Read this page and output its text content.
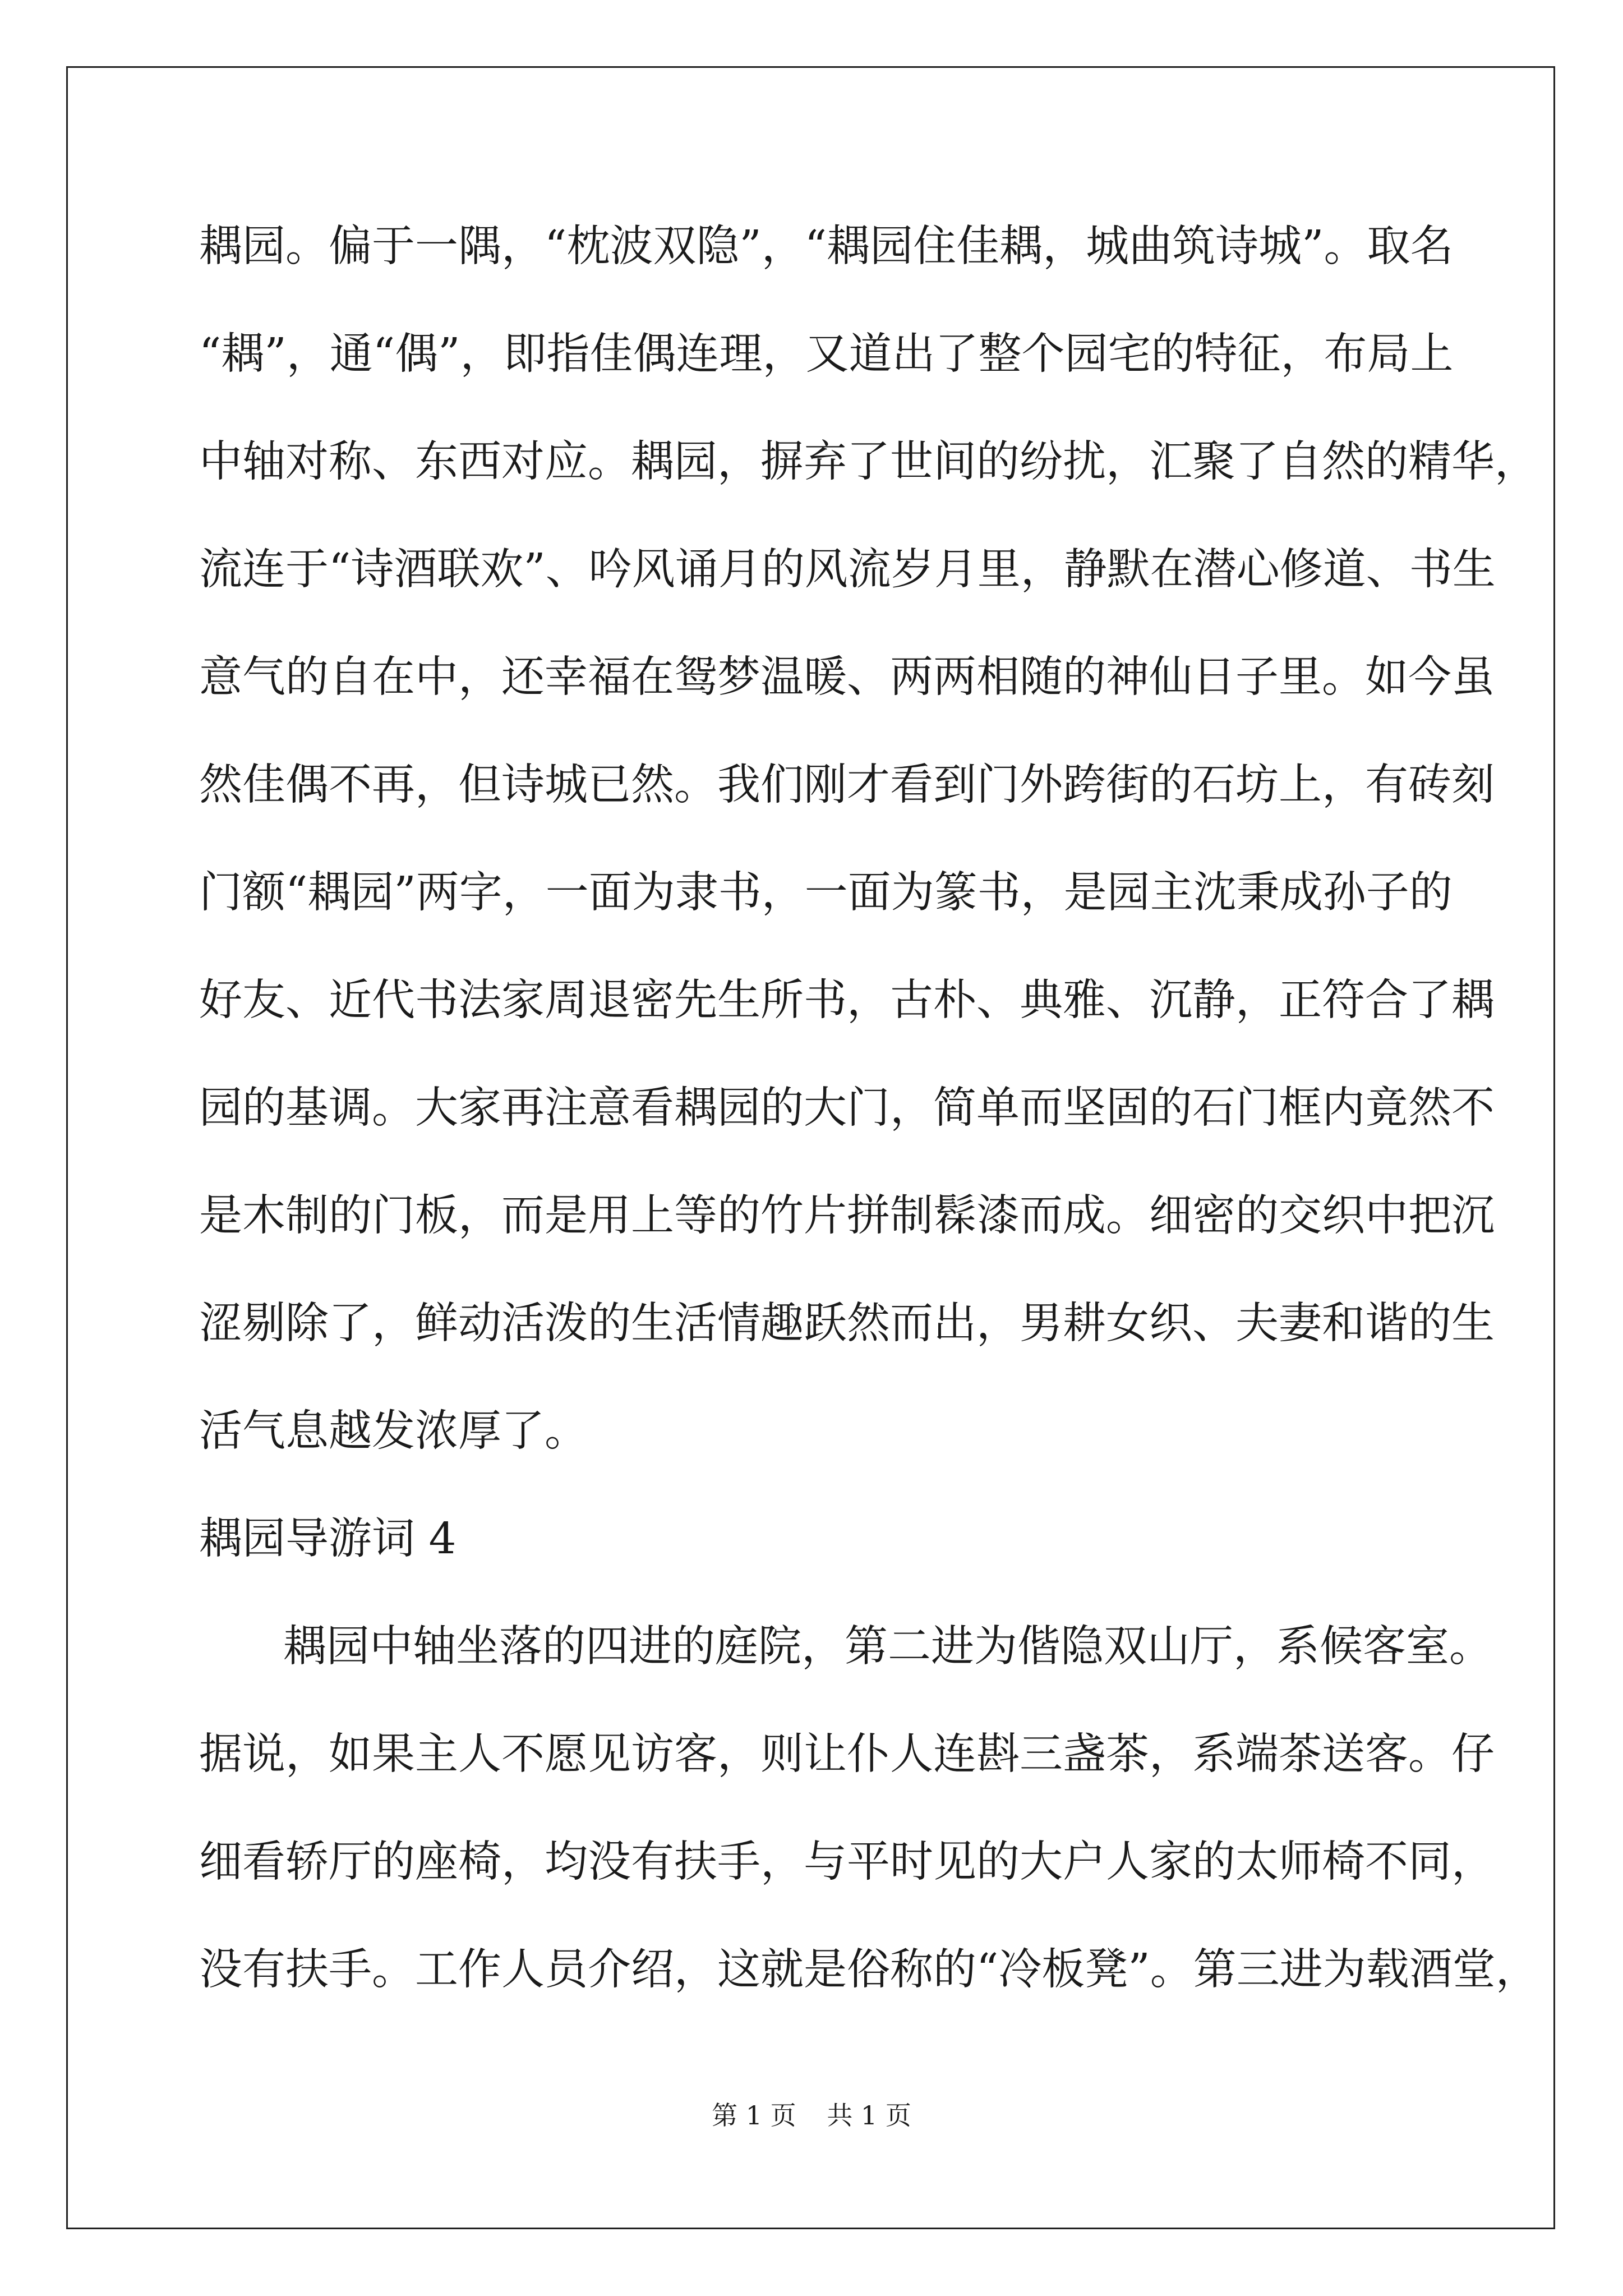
耦园。偏于一隅，“枕波双隐”，“耦园住佳耦，城曲筑诗城”。取名
“耦”，通“偶”，即指佳偶连理，又道出了整个园宅的特征，布局上
中轴对称、东西对应。耦园，摒弃了世间的纷扰，汇聚了自然的精华，
流连于“诗酒联欢”、吟风诵月的风流岁月里，静默在潜心修道、书生
意气的自在中，还幸福在鸳梦温暖、两两相随的神仙日子里。如今虽
然佳偶不再，但诗城已然。我们刚才看到门外跨街的石坊上，有砖刻
门额“耦园”两字，一面为隶书，一面为篆书，是园主沈秉成孙子的
好友、近代书法家周退密先生所书，古朴、典雅、沉静，正符合了耦
园的基调。大家再注意看耦园的大门，简单而坚固的石门框内竟然不
是木制的门板，而是用上等的竹片拼制髹漆而成。细密的交织中把沉
涩剔除了，鲜动活泼的生活情趣跃然而出，男耕女织、夫妻和谐的生
活气息越发浓厚了。
耦园导游词 4
耦园中轴坐落的四进的庭院，第二进为偕隐双山厅，系候客室。
据说，如果主人不愿见访客，则让仆人连斟三盏茶，系端茶送客。仔
细看轿厅的座椅，均没有扶手，与平时见的大户人家的太师椅不同，
没有扶手。工作人员介绍，这就是俗称的“冷板凳”。第三进为载酒堂，
第 1 页 共 1 页
